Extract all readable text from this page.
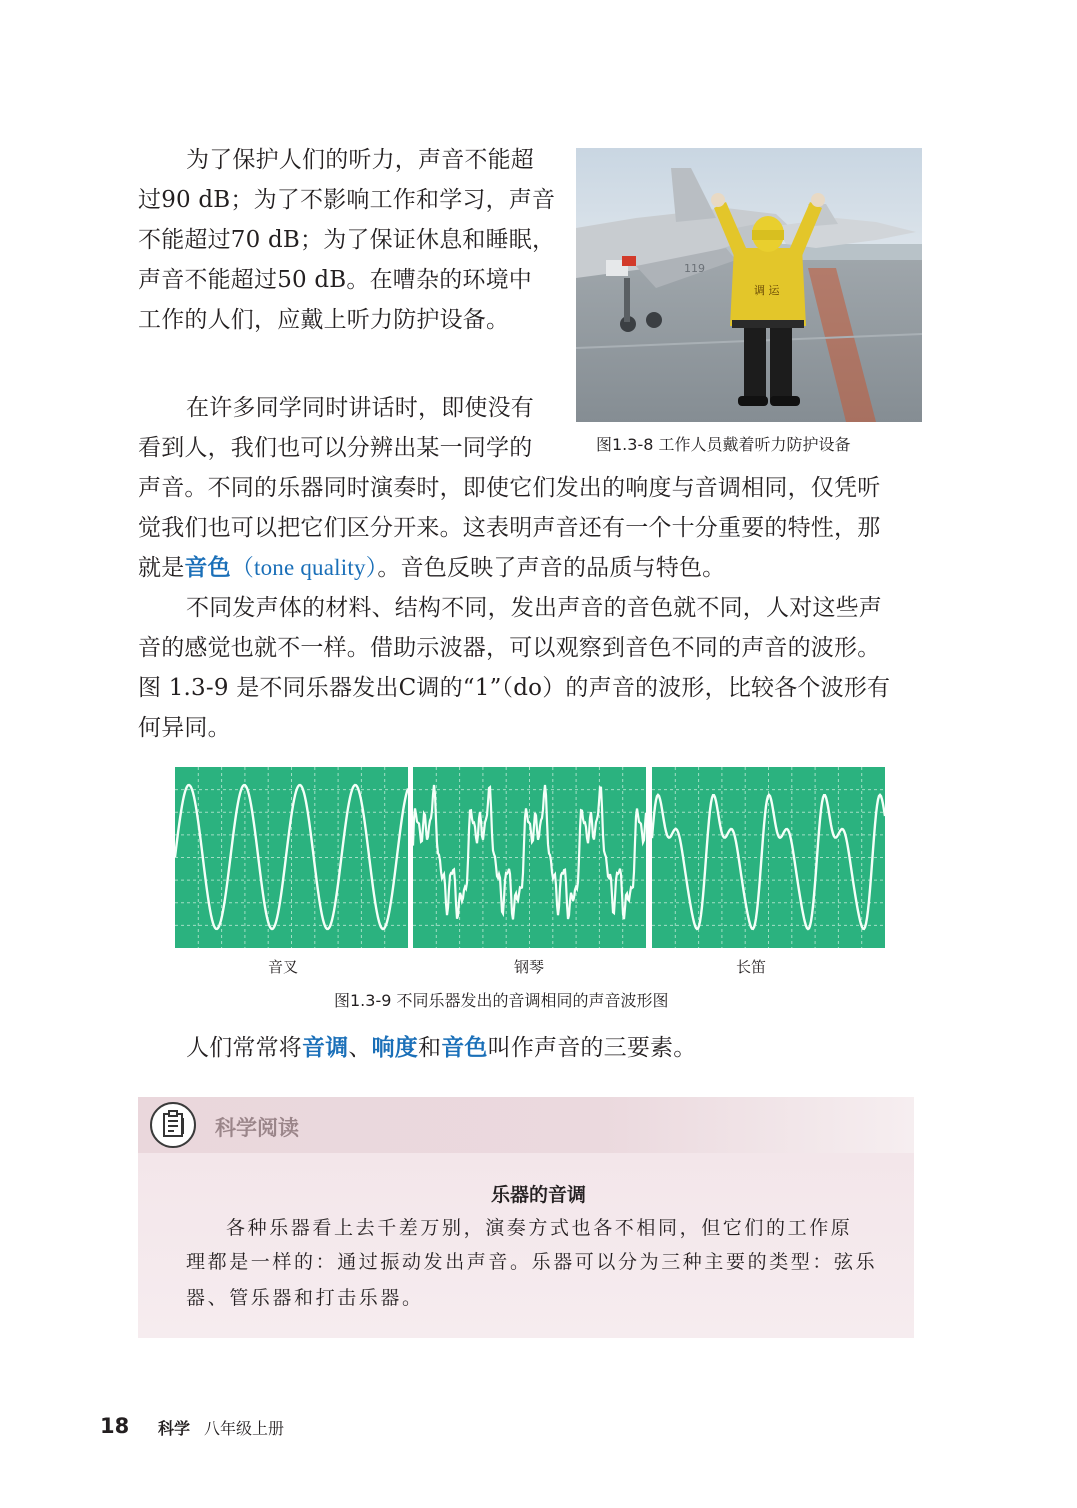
为了保护人们的听力，声音不能超
过90 dB；为了不影响工作和学习，声音
不能超过70 dB；为了保证休息和睡眠，
声音不能超过50 dB。在嘈杂的环境中
工作的人们，应戴上听力防护设备。
119
调 运
图1.3-8 工作人员戴着听力防护设备
在许多同学同时讲话时，即使没有
看到人，我们也可以分辨出某一同学的
声音。不同的乐器同时演奏时，即使它们发出的响度与音调相同，仅凭听
觉我们也可以把它们区分开来。这表明声音还有一个十分重要的特性，那
就是音色（tone quality）。音色反映了声音的品质与特色。
不同发声体的材料、结构不同，发出声音的音色就不同，人对这些声
音的感觉也就不一样。借助示波器，可以观察到音色不同的声音的波形。
图 1.3-9 是不同乐器发出C调的“1”（do）的声音的波形，比较各个波形有
何异同。
音叉	钢琴	长笛
图1.3-9 不同乐器发出的音调相同的声音波形图
人们常常将音调、响度和音色叫作声音的三要素。
科学阅读
乐器的音调
各种乐器看上去千差万别，演奏方式也各不相同，但它们的工作原
理都是一样的：通过振动发出声音。乐器可以分为三种主要的类型：弦乐
器、管乐器和打击乐器。
18 科学 八年级上册
